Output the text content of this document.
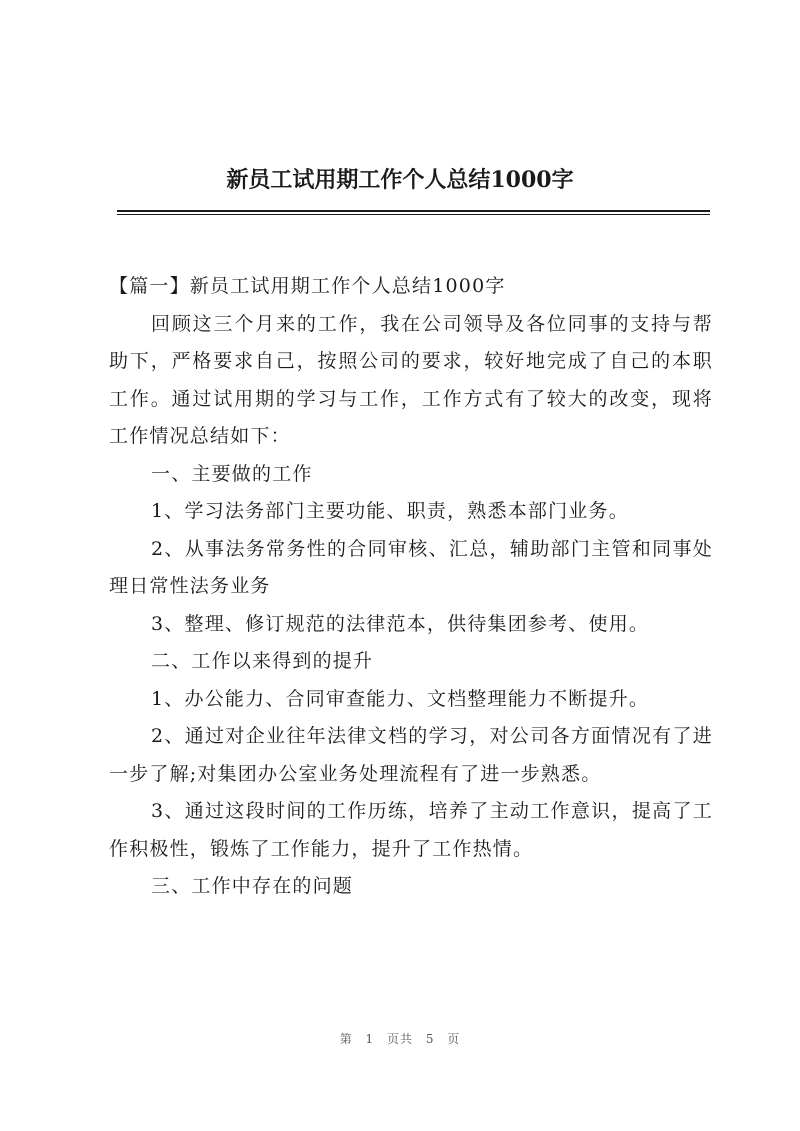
新员工试用期工作个人总结1000字

【篇一】新员工试用期工作个人总结1000字

回顾这三个月来的工作，我在公司领导及各位同事的支持与帮助下，严格要求自己，按照公司的要求，较好地完成了自己的本职工作。通过试用期的学习与工作，工作方式有了较大的改变，现将工作情况总结如下：

一、主要做的工作

1、学习法务部门主要功能、职责，熟悉本部门业务。

2、从事法务常务性的合同审核、汇总，辅助部门主管和同事处理日常性法务业务

3、整理、修订规范的法律范本，供待集团参考、使用。

二、工作以来得到的提升

1、办公能力、合同审查能力、文档整理能力不断提升。

2、通过对企业往年法律文档的学习，对公司各方面情况有了进一步了解;对集团办公室业务处理流程有了进一步熟悉。

3、通过这段时间的工作历练，培养了主动工作意识，提高了工作积极性，锻炼了工作能力，提升了工作热情。

三、工作中存在的问题

第 1 页共 5 页
